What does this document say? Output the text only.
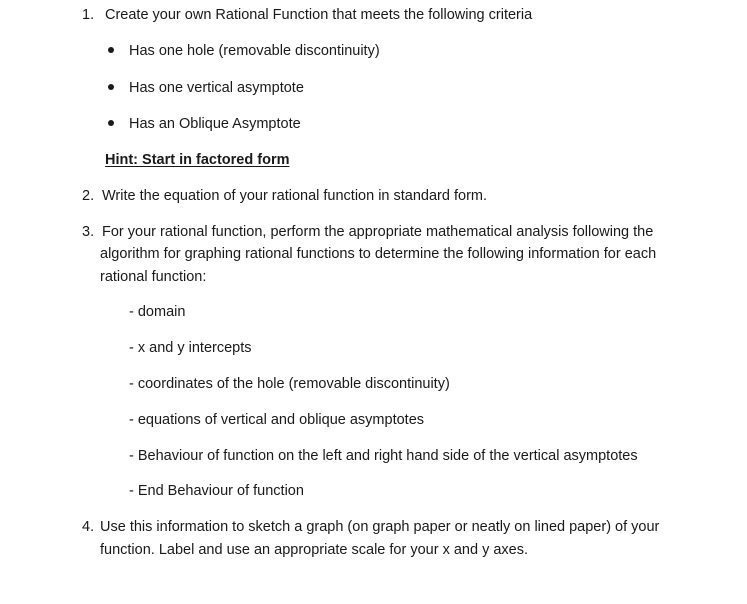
1. Create your own Rational Function that meets the following criteria
Has one hole (removable discontinuity)
Has one vertical asymptote
Has an Oblique Asymptote
Hint: Start in factored form
2. Write the equation of your rational function in standard form.
3. For your rational function, perform the appropriate mathematical analysis following the
algorithm for graphing rational functions to determine the following information for each
rational function:
- domain
- x and y intercepts
- coordinates of the hole (removable discontinuity)
- equations of vertical and oblique asymptotes
- Behaviour of function on the left and right hand side of the vertical asymptotes
- End Behaviour of function
4. Use this information to sketch a graph (on graph paper or neatly on lined paper) of your
function. Label and use an appropriate scale for your x and y axes.
